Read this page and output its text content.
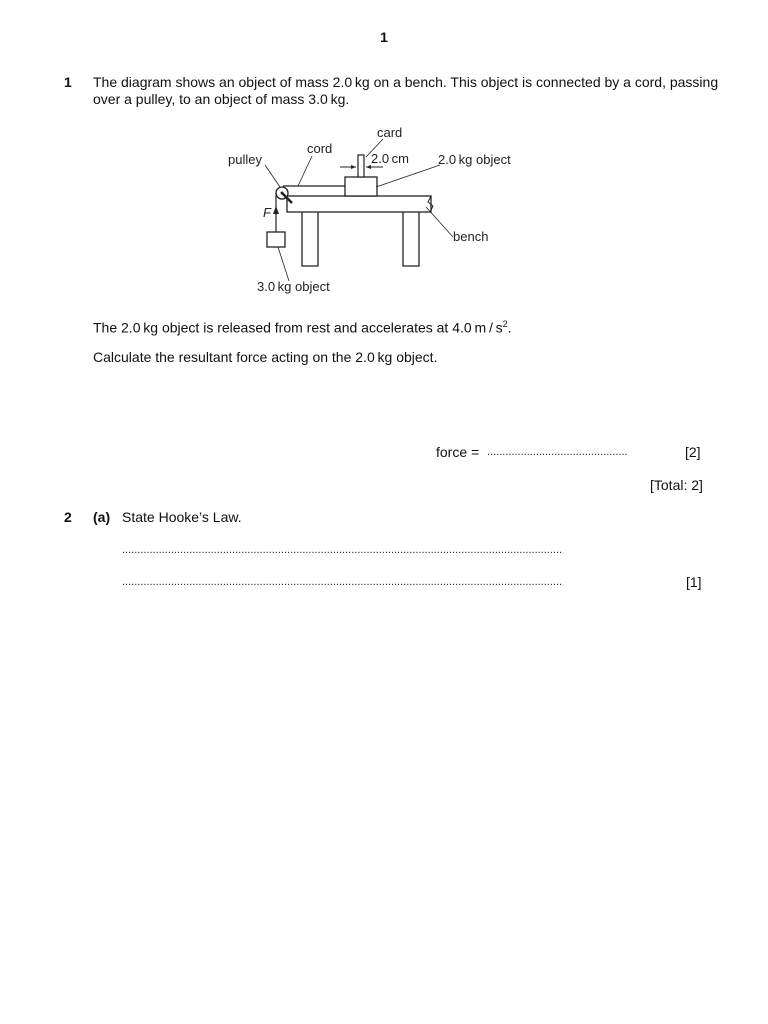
1
1 The diagram shows an object of mass 2.0 kg on a bench. This object is connected by a cord, passing
over a pulley, to an object of mass 3.0 kg.
card
cord
pulley	2.0 cm 2.0 kg object
F
bench
3.0 kg object
The 2.0 kg object is released from rest and accelerates at 4.0 m / $s^2$.
Calculate the resultant force acting on the 2.0 kg object.
force = ..............................................	[2]
[Total: 2]
2 (a) State Hooke’s Law.
................................................................................................................................................
................................................................................................................................................	[1]
